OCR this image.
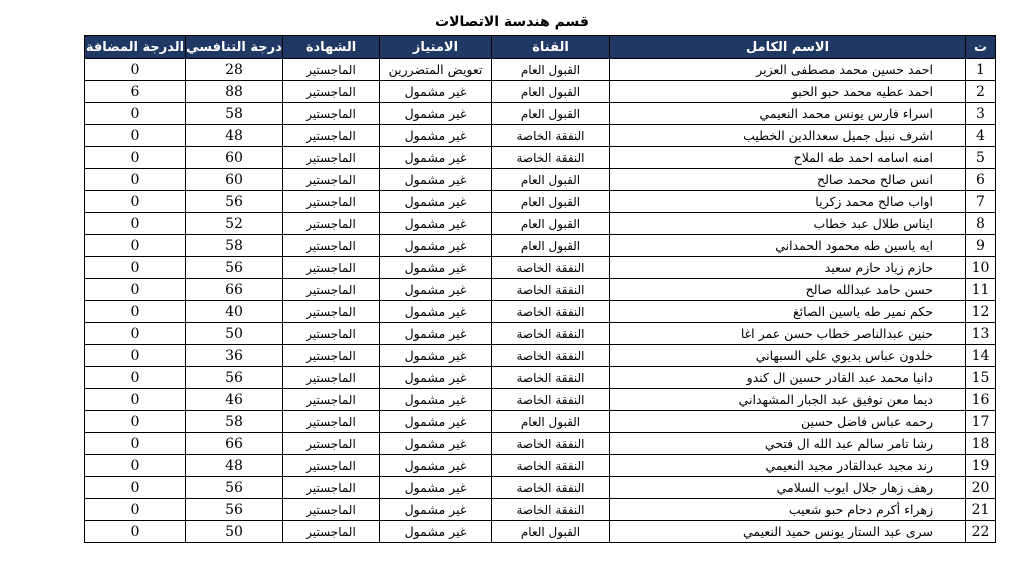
قسم هندسة الاتصالات
ت	الاسم الكامل	القناة	الامتياز	الشهادة	درجة التنافسي	الدرجة المضافة
1	احمد حسين محمد مصطفى العزير	القبول العام	تعويض المتضررين	الماجستير	28	0
2	احمد عطيه محمد حبو الحبو	القبول العام	غير مشمول	الماجستير	88	6
3	اسراء فارس يونس محمد النعيمي	القبول العام	غير مشمول	الماجستير	58	0
4	اشرف نبيل جميل سعدالدين الخطيب	النفقة الخاصة	غير مشمول	الماجستير	48	0
5	امنه اسامه احمد طه الملاح	النفقة الخاصة	غير مشمول	الماجستير	60	0
6	انس صالح محمد صالح	القبول العام	غير مشمول	الماجستير	60	0
7	اواب صالح محمد زكريا	القبول العام	غير مشمول	الماجستير	56	0
8	ايناس طلال عبد خطاب	القبول العام	غير مشمول	الماجستير	52	0
9	ايه ياسين طه محمود الحمداني	القبول العام	غير مشمول	الماجستير	58	0
10	حازم زياد حازم سعيد	النفقة الخاصة	غير مشمول	الماجستير	56	0
11	حسن حامد عبدالله صالح	النفقة الخاصة	غير مشمول	الماجستير	66	0
12	حكم نمير طه ياسين الصائغ	النفقة الخاصة	غير مشمول	الماجستير	40	0
13	حنين عبدالناصر خطاب حسن عمر اغا	النفقة الخاصة	غير مشمول	الماجستير	50	0
14	خلدون عباس بديوي علي السبهاني	النفقة الخاصة	غير مشمول	الماجستير	36	0
15	دانيا محمد عبد القادر حسين ال كندو	النفقة الخاصة	غير مشمول	الماجستير	56	0
16	ديما معن توفيق عبد الجبار المشهداني	النفقة الخاصة	غير مشمول	الماجستير	46	0
17	رحمه عباس فاضل حسين	القبول العام	غير مشمول	الماجستير	58	0
18	رشا تامر سالم عبد الله ال فتحي	النفقة الخاصة	غير مشمول	الماجستير	66	0
19	رند مجيد عبدالقادر مجيد النعيمي	النفقة الخاصة	غير مشمول	الماجستير	48	0
20	رهف زهار جلال ايوب السلامي	النفقة الخاصة	غير مشمول	الماجستير	56	0
21	زهراء أكرم دحام حبو شعيب	النفقة الخاصة	غير مشمول	الماجستير	56	0
22	سرى عبد الستار يونس حميد النعيمي	القبول العام	غير مشمول	الماجستير	50	0
